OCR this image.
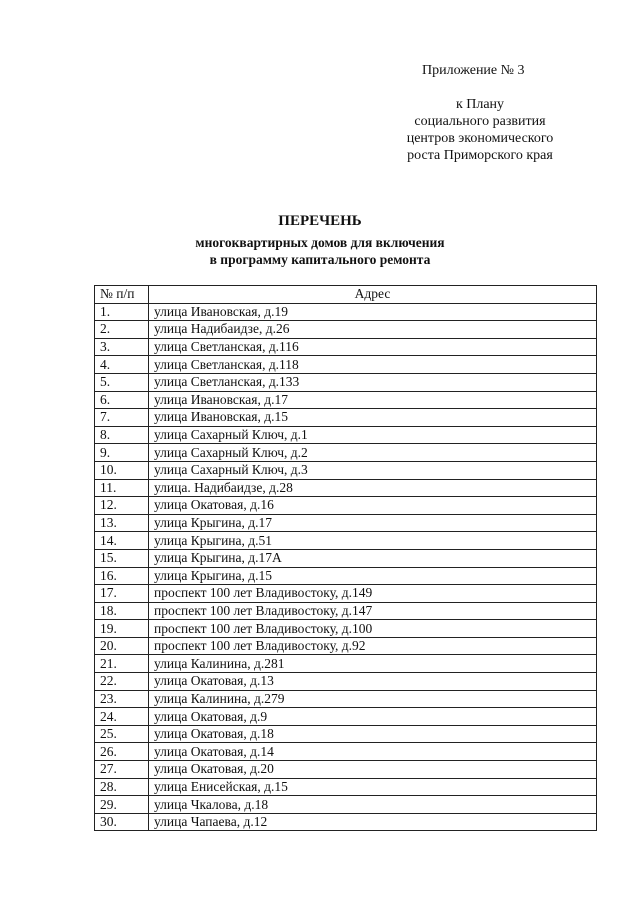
Приложение № 3
к Плану
социального развития
центров экономического
роста Приморского края
ПЕРЕЧЕНЬ
многоквартирных домов для включения
в программу капитального ремонта
№ п/п	Адрес
1.	улица Ивановская, д.19
2.	улица Надибаидзе, д.26
3.	улица Светланская, д.116
4.	улица Светланская, д.118
5.	улица Светланская, д.133
6.	улица Ивановская, д.17
7.	улица Ивановская, д.15
8.	улица Сахарный Ключ, д.1
9.	улица Сахарный Ключ, д.2
10.	улица Сахарный Ключ, д.3
11.	улица. Надибаидзе, д.28
12.	улица Окатовая, д.16
13.	улица Крыгина, д.17
14.	улица Крыгина, д.51
15.	улица Крыгина, д.17А
16.	улица Крыгина, д.15
17.	проспект 100 лет Владивостоку, д.149
18.	проспект 100 лет Владивостоку, д.147
19.	проспект 100 лет Владивостоку, д.100
20.	проспект 100 лет Владивостоку, д.92
21.	улица Калинина, д.281
22.	улица Окатовая, д.13
23.	улица Калинина, д.279
24.	улица Окатовая, д.9
25.	улица Окатовая, д.18
26.	улица Окатовая, д.14
27.	улица Окатовая, д.20
28.	улица Енисейская, д.15
29.	улица Чкалова, д.18
30.	улица Чапаева, д.12
